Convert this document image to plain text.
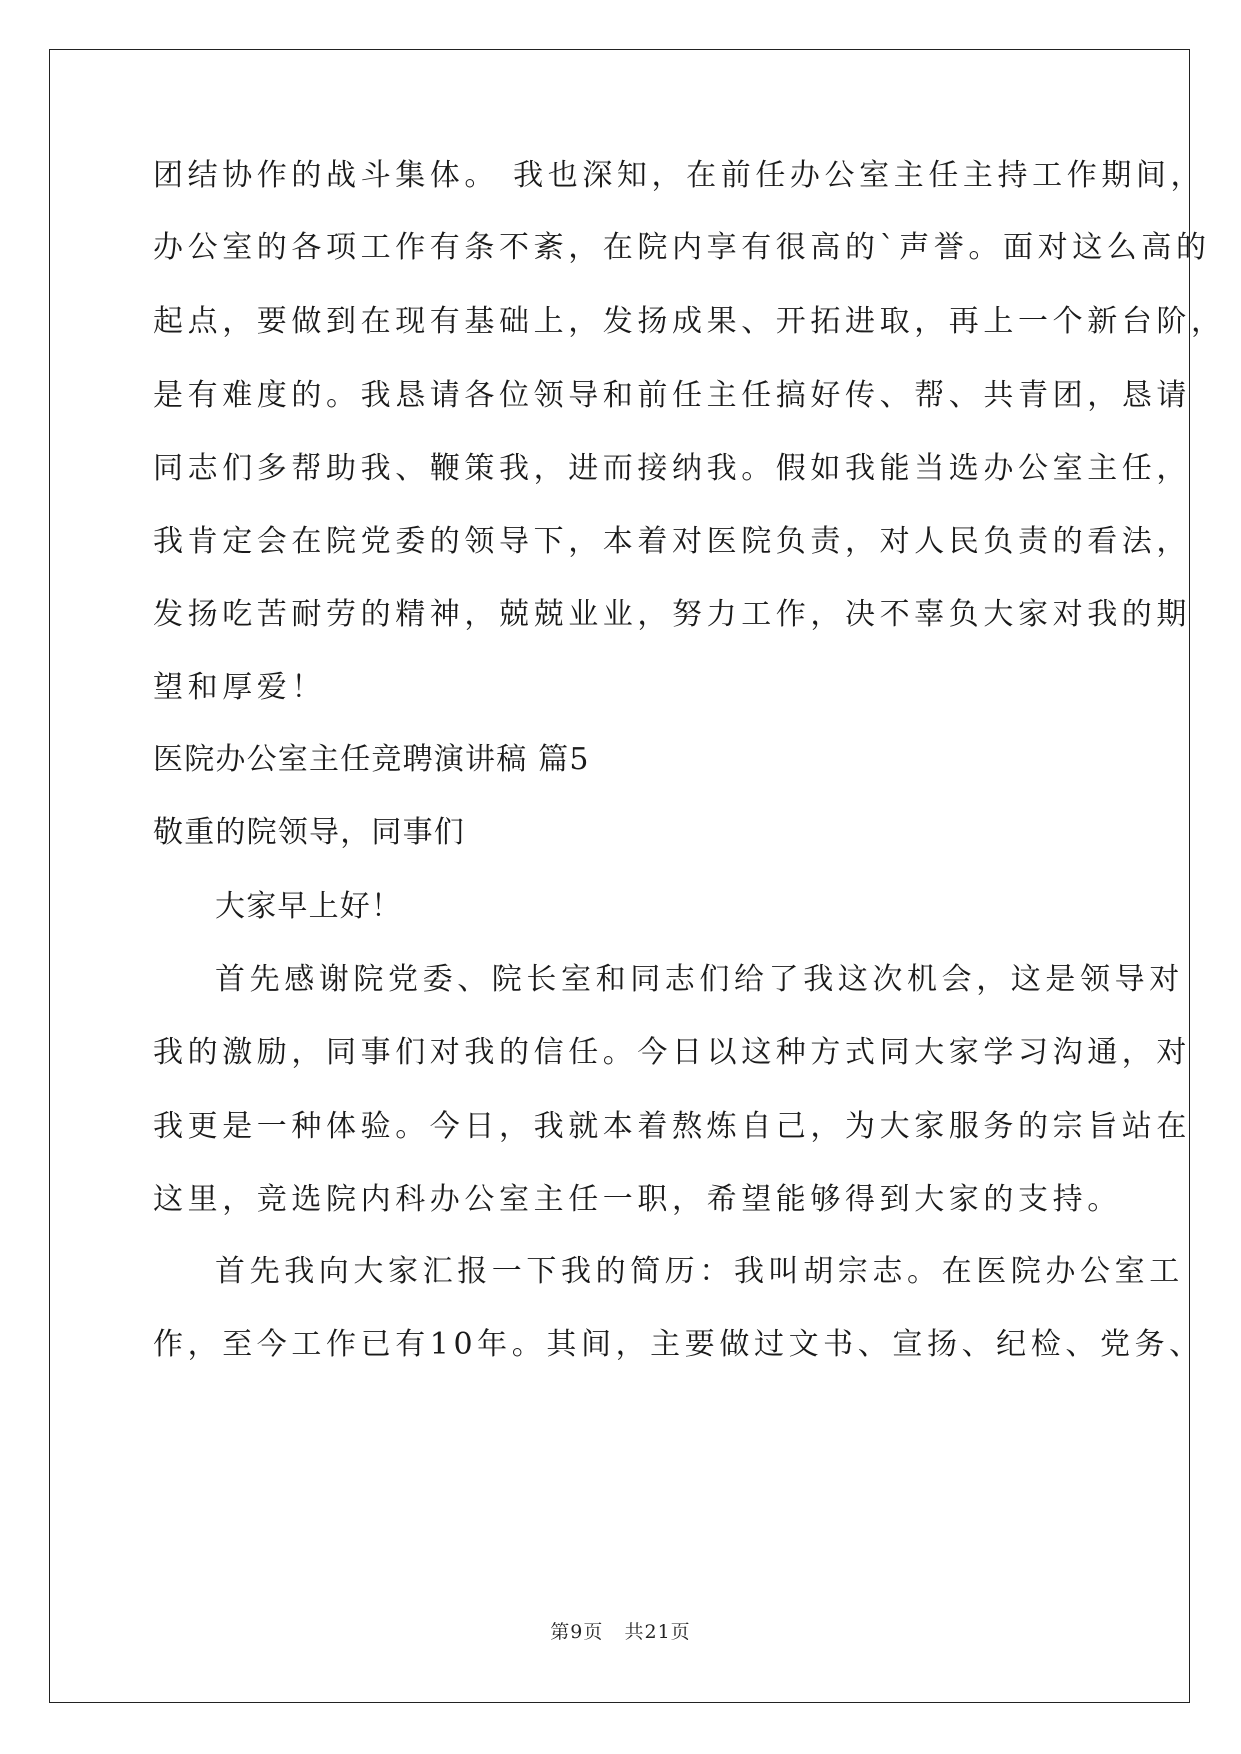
团结协作的战斗集体。 我也深知，在前任办公室主任主持工作期间，
办公室的各项工作有条不紊，在院内享有很高的`声誉。面对这么高的
起点，要做到在现有基础上，发扬成果、开拓进取，再上一个新台阶，
是有难度的。我恳请各位领导和前任主任搞好传、帮、共青团，恳请
同志们多帮助我、鞭策我，进而接纳我。假如我能当选办公室主任，
我肯定会在院党委的领导下，本着对医院负责，对人民负责的看法，
发扬吃苦耐劳的精神，兢兢业业，努力工作，决不辜负大家对我的期
望和厚爱！
医院办公室主任竞聘演讲稿 篇5
敬重的院领导，同事们
大家早上好！
首先感谢院党委、院长室和同志们给了我这次机会，这是领导对
我的激励，同事们对我的信任。今日以这种方式同大家学习沟通，对
我更是一种体验。今日，我就本着熬炼自己，为大家服务的宗旨站在
这里，竞选院内科办公室主任一职，希望能够得到大家的支持。
首先我向大家汇报一下我的简历：我叫胡宗志。在医院办公室工
作，至今工作已有10年。其间，主要做过文书、宣扬、纪检、党务、
第9页   共21页
